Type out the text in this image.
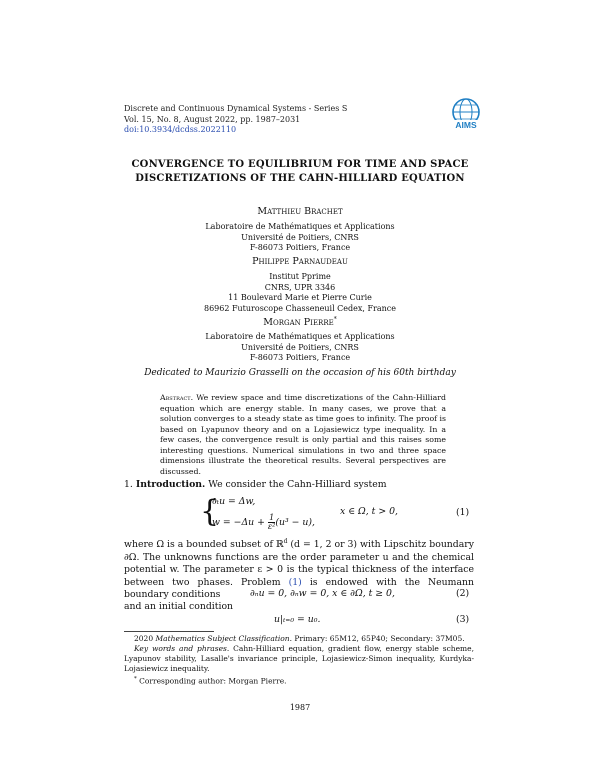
Discrete and Continuous Dynamical Systems - Series S
Vol. 15, No. 8, August 2022, pp. 1987–2031
doi:10.3934/dcdss.2022110	AIMS
CONVERGENCE TO EQUILIBRIUM FOR TIME AND SPACE
DISCRETIZATIONS OF THE CAHN-HILLIARD EQUATION
Matthieu Brachet
Laboratoire de Mathématiques et Applications
Université de Poitiers, CNRS
F-86073 Poitiers, France
Philippe Parnaudeau
Institut Pprime
CNRS, UPR 3346
11 Boulevard Marie et Pierre Curie
86962 Futuroscope Chasseneuil Cedex, France
Morgan Pierre*
Laboratoire de Mathématiques et Applications
Université de Poitiers, CNRS
F-86073 Poitiers, France
Dedicated to Maurizio Grasselli on the occasion of his 60th birthday
Abstract. We review space and time discretizations of the Cahn-Hilliard equation which are energy stable. In many cases, we prove that a solution converges to a steady state as time goes to infinity. The proof is based on Lyapunov theory and on a Lojasiewicz type inequality. In a few cases, the convergence result is only partial and this raises some interesting questions. Numerical simulations in two and three space dimensions illustrate the theoretical results. Several perspectives are discussed.
1. Introduction. We consider the Cahn-Hilliard system
{
∂ₜu = Δw,
$w = -\Delta u + \frac{1}{\text{ε²}} (u^3 - u)$,
x ∈ Ω, t > 0,	(1)
where Ω is a bounded subset of ℝ$^d$ (d = 1, 2 or 3) with Lipschitz boundary ∂Ω. The unknowns functions are the order parameter u and the chemical potential w. The parameter ε > 0 is the typical thickness of the interface between two phases. Problem (1) is endowed with the Neumann boundary conditions	∂ₙu = 0, ∂ₙw = 0, x ∈ ∂Ω, t ≥ 0,	(2)
and an initial condition
u|ₜ₌₀ = u₀.	(3)
2020 Mathematics Subject Classification. Primary: 65M12, 65P40; Secondary: 37M05.
Key words and phrases. Cahn-Hilliard equation, gradient flow, energy stable scheme, Lyapunov stability, Lasalle's invariance principle, Lojasiewicz-Simon inequality, Kurdyka-Lojasiewicz inequality.
* Corresponding author: Morgan Pierre.
1987
